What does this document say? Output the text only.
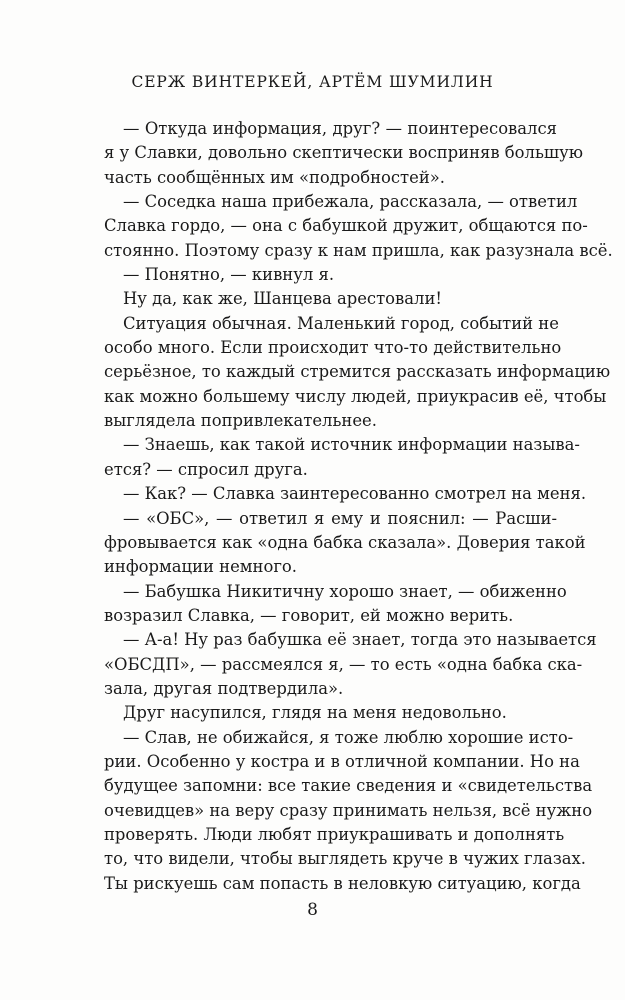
СЕРЖ ВИНТЕРКЕЙ, АРТЁМ ШУМИЛИН
— Откуда информация, друг? — поинтересовался
я у Славки, довольно скептически восприняв большую
часть сообщённых им «подробностей».
— Соседка наша прибежала, рассказала, — ответил
Славка гордо, — она с бабушкой дружит, общаются по-
стоянно. Поэтому сразу к нам пришла, как разузнала всё.
— Понятно, — кивнул я.
Ну да, как же, Шанцева арестовали!
Ситуация обычная. Маленький город, событий не
особо много. Если происходит что-то действительно
серьёзное, то каждый стремится рассказать информацию
как можно большему числу людей, приукрасив её, чтобы
выглядела попривлекательнее.
— Знаешь, как такой источник информации называ-
ется? — спросил друга.
— Как? — Славка заинтересованно смотрел на меня.
— «ОБС», — ответил я ему и пояснил: — Расши-
фровывается как «одна бабка сказала». Доверия такой
информации немного.
— Бабушка Никитичну хорошо знает, — обиженно
возразил Славка, — говорит, ей можно верить.
— А-а! Ну раз бабушка её знает, тогда это называется
«ОБСДП», — рассмеялся я, — то есть «одна бабка ска-
зала, другая подтвердила».
Друг насупился, глядя на меня недовольно.
— Слав, не обижайся, я тоже люблю хорошие исто-
рии. Особенно у костра и в отличной компании. Но на
будущее запомни: все такие сведения и «свидетельства
очевидцев» на веру сразу принимать нельзя, всё нужно
проверять. Люди любят приукрашивать и дополнять
то, что видели, чтобы выглядеть круче в чужих глазах.
Ты рискуешь сам попасть в неловкую ситуацию, когда
8
